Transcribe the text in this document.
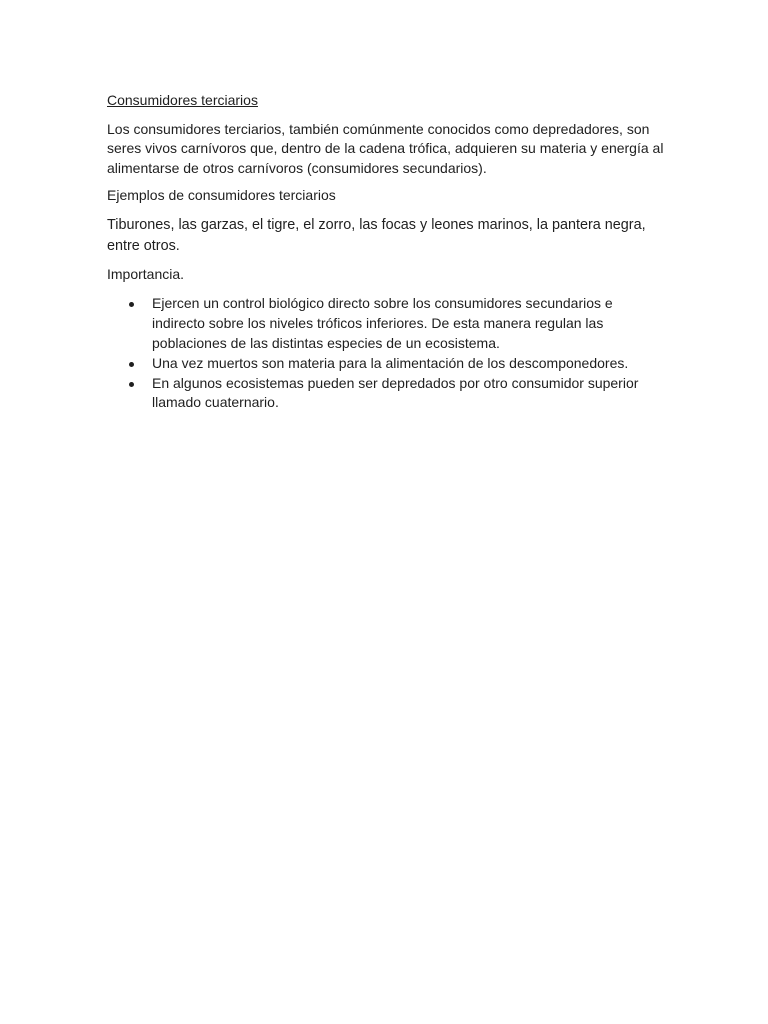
Consumidores terciarios

Los consumidores terciarios, también comúnmente conocidos como depredadores, son seres vivos carnívoros que, dentro de la cadena trófica, adquieren su materia y energía al alimentarse de otros carnívoros (consumidores secundarios).

Ejemplos de consumidores terciarios

Tiburones, las garzas, el tigre, el zorro, las focas y leones marinos, la pantera negra, entre otros.

Importancia.

Ejercen un control biológico directo sobre los consumidores secundarios e indirecto sobre los niveles tróficos inferiores. De esta manera regulan las poblaciones de las distintas especies de un ecosistema.
Una vez muertos son materia para la alimentación de los descomponedores.
En algunos ecosistemas pueden ser depredados por otro consumidor superior llamado cuaternario.
